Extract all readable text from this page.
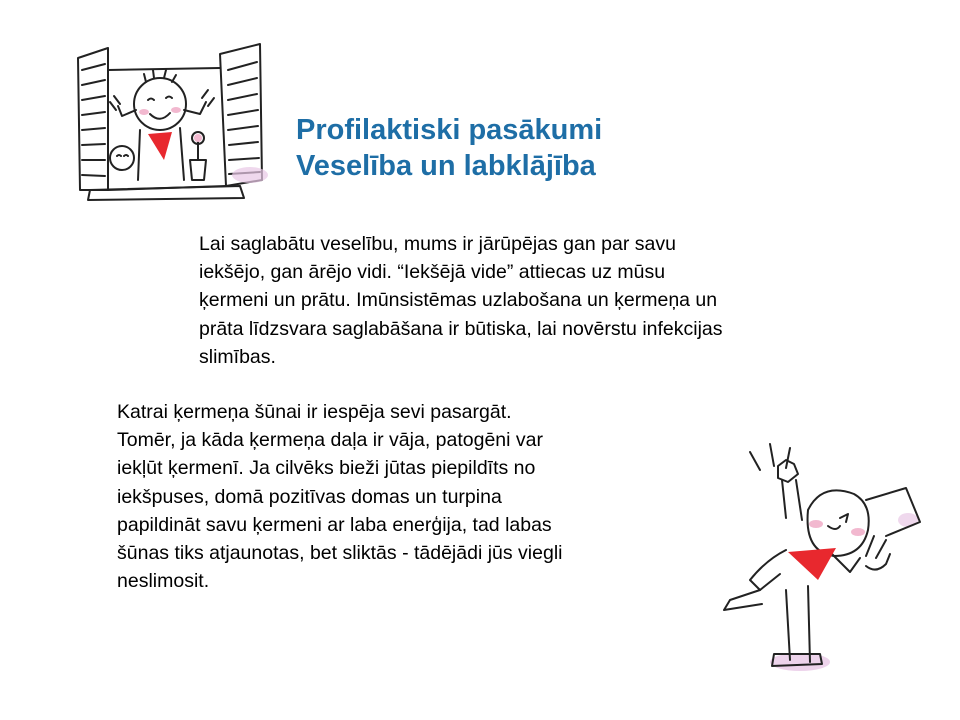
Profilaktiski pasākumi
Veselība un labklājība
Lai saglabātu veselību, mums ir jārūpējas gan par savu
iekšējo, gan ārējo vidi. “Iekšējā vide” attiecas uz mūsu
ķermeni un prātu. Imūnsistēmas uzlabošana un ķermeņa un
prāta līdzsvara saglabāšana ir būtiska, lai novērstu infekcijas
slimības.
Katrai ķermeņa šūnai ir iespēja sevi pasargāt.
Tomēr, ja kāda ķermeņa daļa ir vāja, patogēni var
iekļūt ķermenī. Ja cilvēks bieži jūtas piepildīts no
iekšpuses, domā pozitīvas domas un turpina
papildināt savu ķermeni ar laba enerģija, tad labas
šūnas tiks atjaunotas, bet sliktās - tādējādi jūs viegli
neslimosit.
